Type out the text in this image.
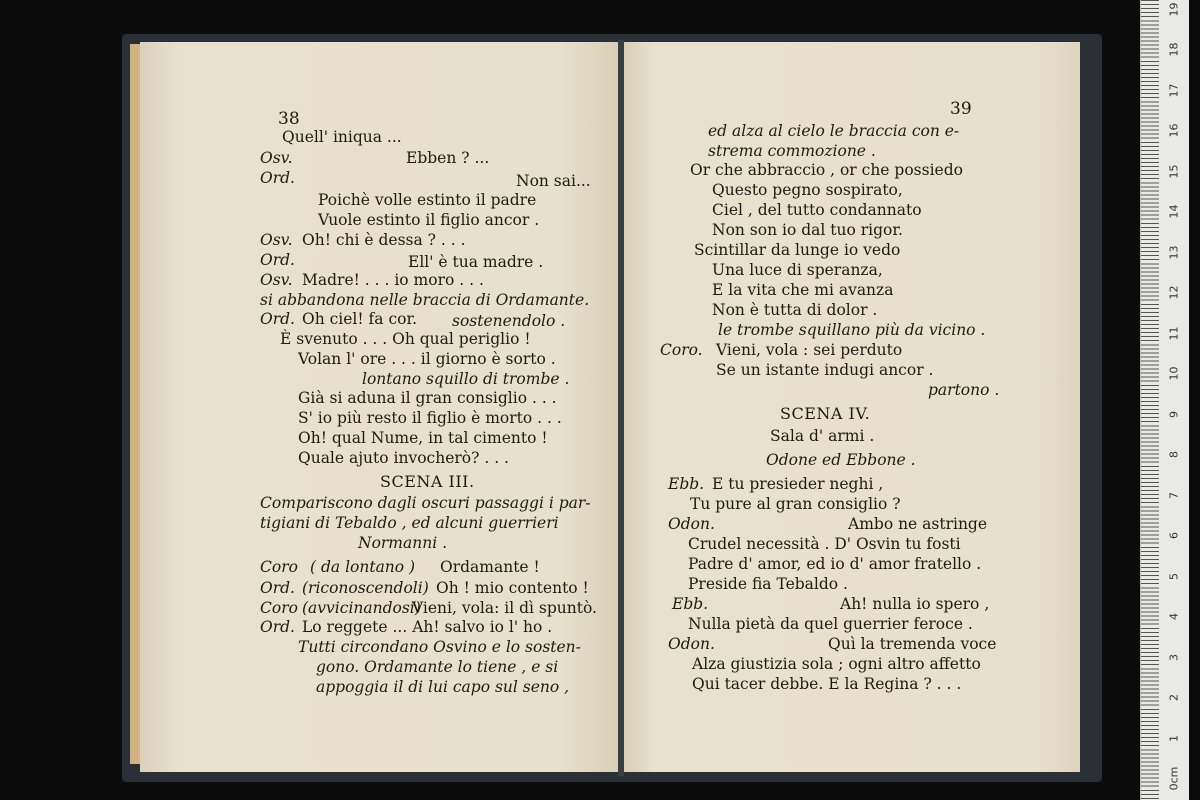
38
Quell' iniqua ...
Osv.	Ebben ? ...
Ord.	Non sai...
Poichè volle estinto il padre
Vuole estinto il figlio ancor .
Osv. Oh! chi è dessa ? . . .
Ord.	Ell' è tua madre .
Osv. Madre! . . . io moro . . .
si abbandona nelle braccia di Ordamante.
Ord. Oh ciel! fa cor. sostenendolo .
È svenuto . . . Oh qual periglio !
Volan l' ore . . . il giorno è sorto .
lontano squillo di trombe .
Già si aduna il gran consiglio . . .
S' io più resto il figlio è morto . . .
Oh! qual Nume, in tal cimento !
Quale ajuto invocherò? . . .
SCENA III.
Compariscono dagli oscuri passaggi i par-
tigiani di Tebaldo , ed alcuni guerrieri
Normanni .
Coro ( da lontano ) Ordamante !
Ord. (riconoscendoli) Oh ! mio contento !
Coro (avvicinandosi)
Vieni, vola: il dì spuntò.
Ord. Lo reggete ... Ah! salvo io l' ho .
Tutti circondano Osvino e lo sosten-
gono. Ordamante lo tiene , e si
appoggia il di lui capo sul seno ,
39
ed alza al cielo le braccia con e-
strema commozione .
Or che abbraccio , or che possiedo
Questo pegno sospirato,
Ciel , del tutto condannato
Non son io dal tuo rigor.
Scintillar da lunge io vedo
Una luce di speranza,
E la vita che mi avanza
Non è tutta di dolor .
le trombe squillano più da vicino .
Coro. Vieni, vola : sei perduto
Se un istante indugi ancor .
partono .
SCENA IV.
Sala d' armi .
Odone ed Ebbone .
Ebb. E tu presieder neghi ,
Tu pure al gran consiglio ?
Odon.	Ambo ne astringe
Crudel necessità . D' Osvin tu fosti
Padre d' amor, ed io d' amor fratello .
Preside fia Tebaldo .
Ebb.	Ah! nulla io spero ,
Nulla pietà da quel guerrier feroce .
Odon.	Quì la tremenda voce
Alza giustizia sola ; ogni altro affetto
Qui tacer debbe. E la Regina ? . . .
0cm
1
2
3
4
5
6
7
8
9
10
11
12
13
14
15
16
17
18
19
